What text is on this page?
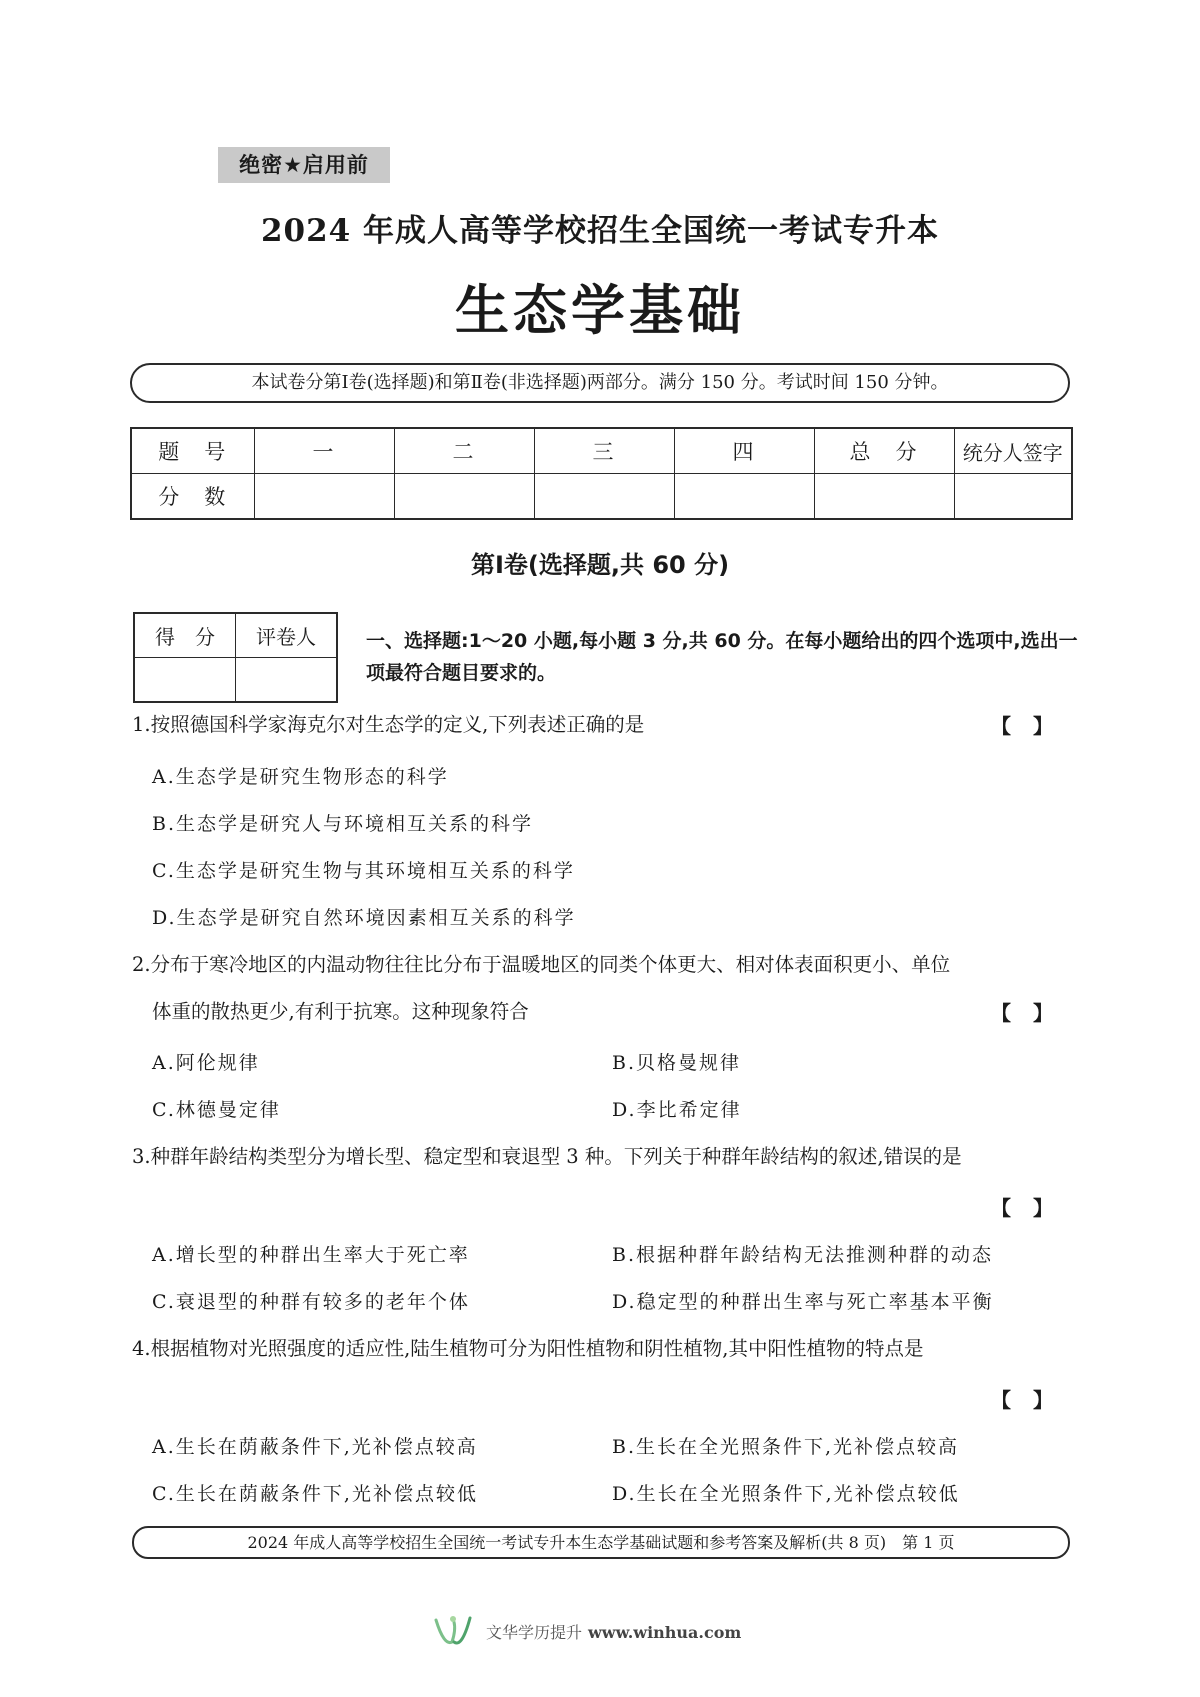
绝密★启用前
2024 年成人高等学校招生全国统一考试专升本
生态学基础
本试卷分第Ⅰ卷(选择题)和第Ⅱ卷(非选择题)两部分。满分 150 分。考试时间 150 分钟。
题　号	一	二	三	四	总　分	统分人签字
分　数						
第Ⅰ卷(选择题,共 60 分)
得　分	评卷人
		一、选择题:1～20 小题,每小题 3 分,共 60 分。在每小题给出的四个选项中,选出一项最符合题目要求的。
1.按照德国科学家海克尔对生态学的定义,下列表述正确的是	【】
A.生态学是研究生物形态的科学
B.生态学是研究人与环境相互关系的科学
C.生态学是研究生物与其环境相互关系的科学
D.生态学是研究自然环境因素相互关系的科学
2.分布于寒冷地区的内温动物往往比分布于温暖地区的同类个体更大、相对体表面积更小、单位
体重的散热更少,有利于抗寒。这种现象符合	【】
A.阿伦规律	B.贝格曼规律
C.林德曼定律	D.李比希定律
3.种群年龄结构类型分为增长型、稳定型和衰退型 3 种。下列关于种群年龄结构的叙述,错误的是
【】
A.增长型的种群出生率大于死亡率	B.根据种群年龄结构无法推测种群的动态
C.衰退型的种群有较多的老年个体	D.稳定型的种群出生率与死亡率基本平衡
4.根据植物对光照强度的适应性,陆生植物可分为阳性植物和阴性植物,其中阳性植物的特点是
【】
A.生长在荫蔽条件下,光补偿点较高	B.生长在全光照条件下,光补偿点较高
C.生长在荫蔽条件下,光补偿点较低	D.生长在全光照条件下,光补偿点较低
2024 年成人高等学校招生全国统一考试专升本生态学基础试题和参考答案及解析(共 8 页)　第 1 页
文华学历提升 www.winhua.com
